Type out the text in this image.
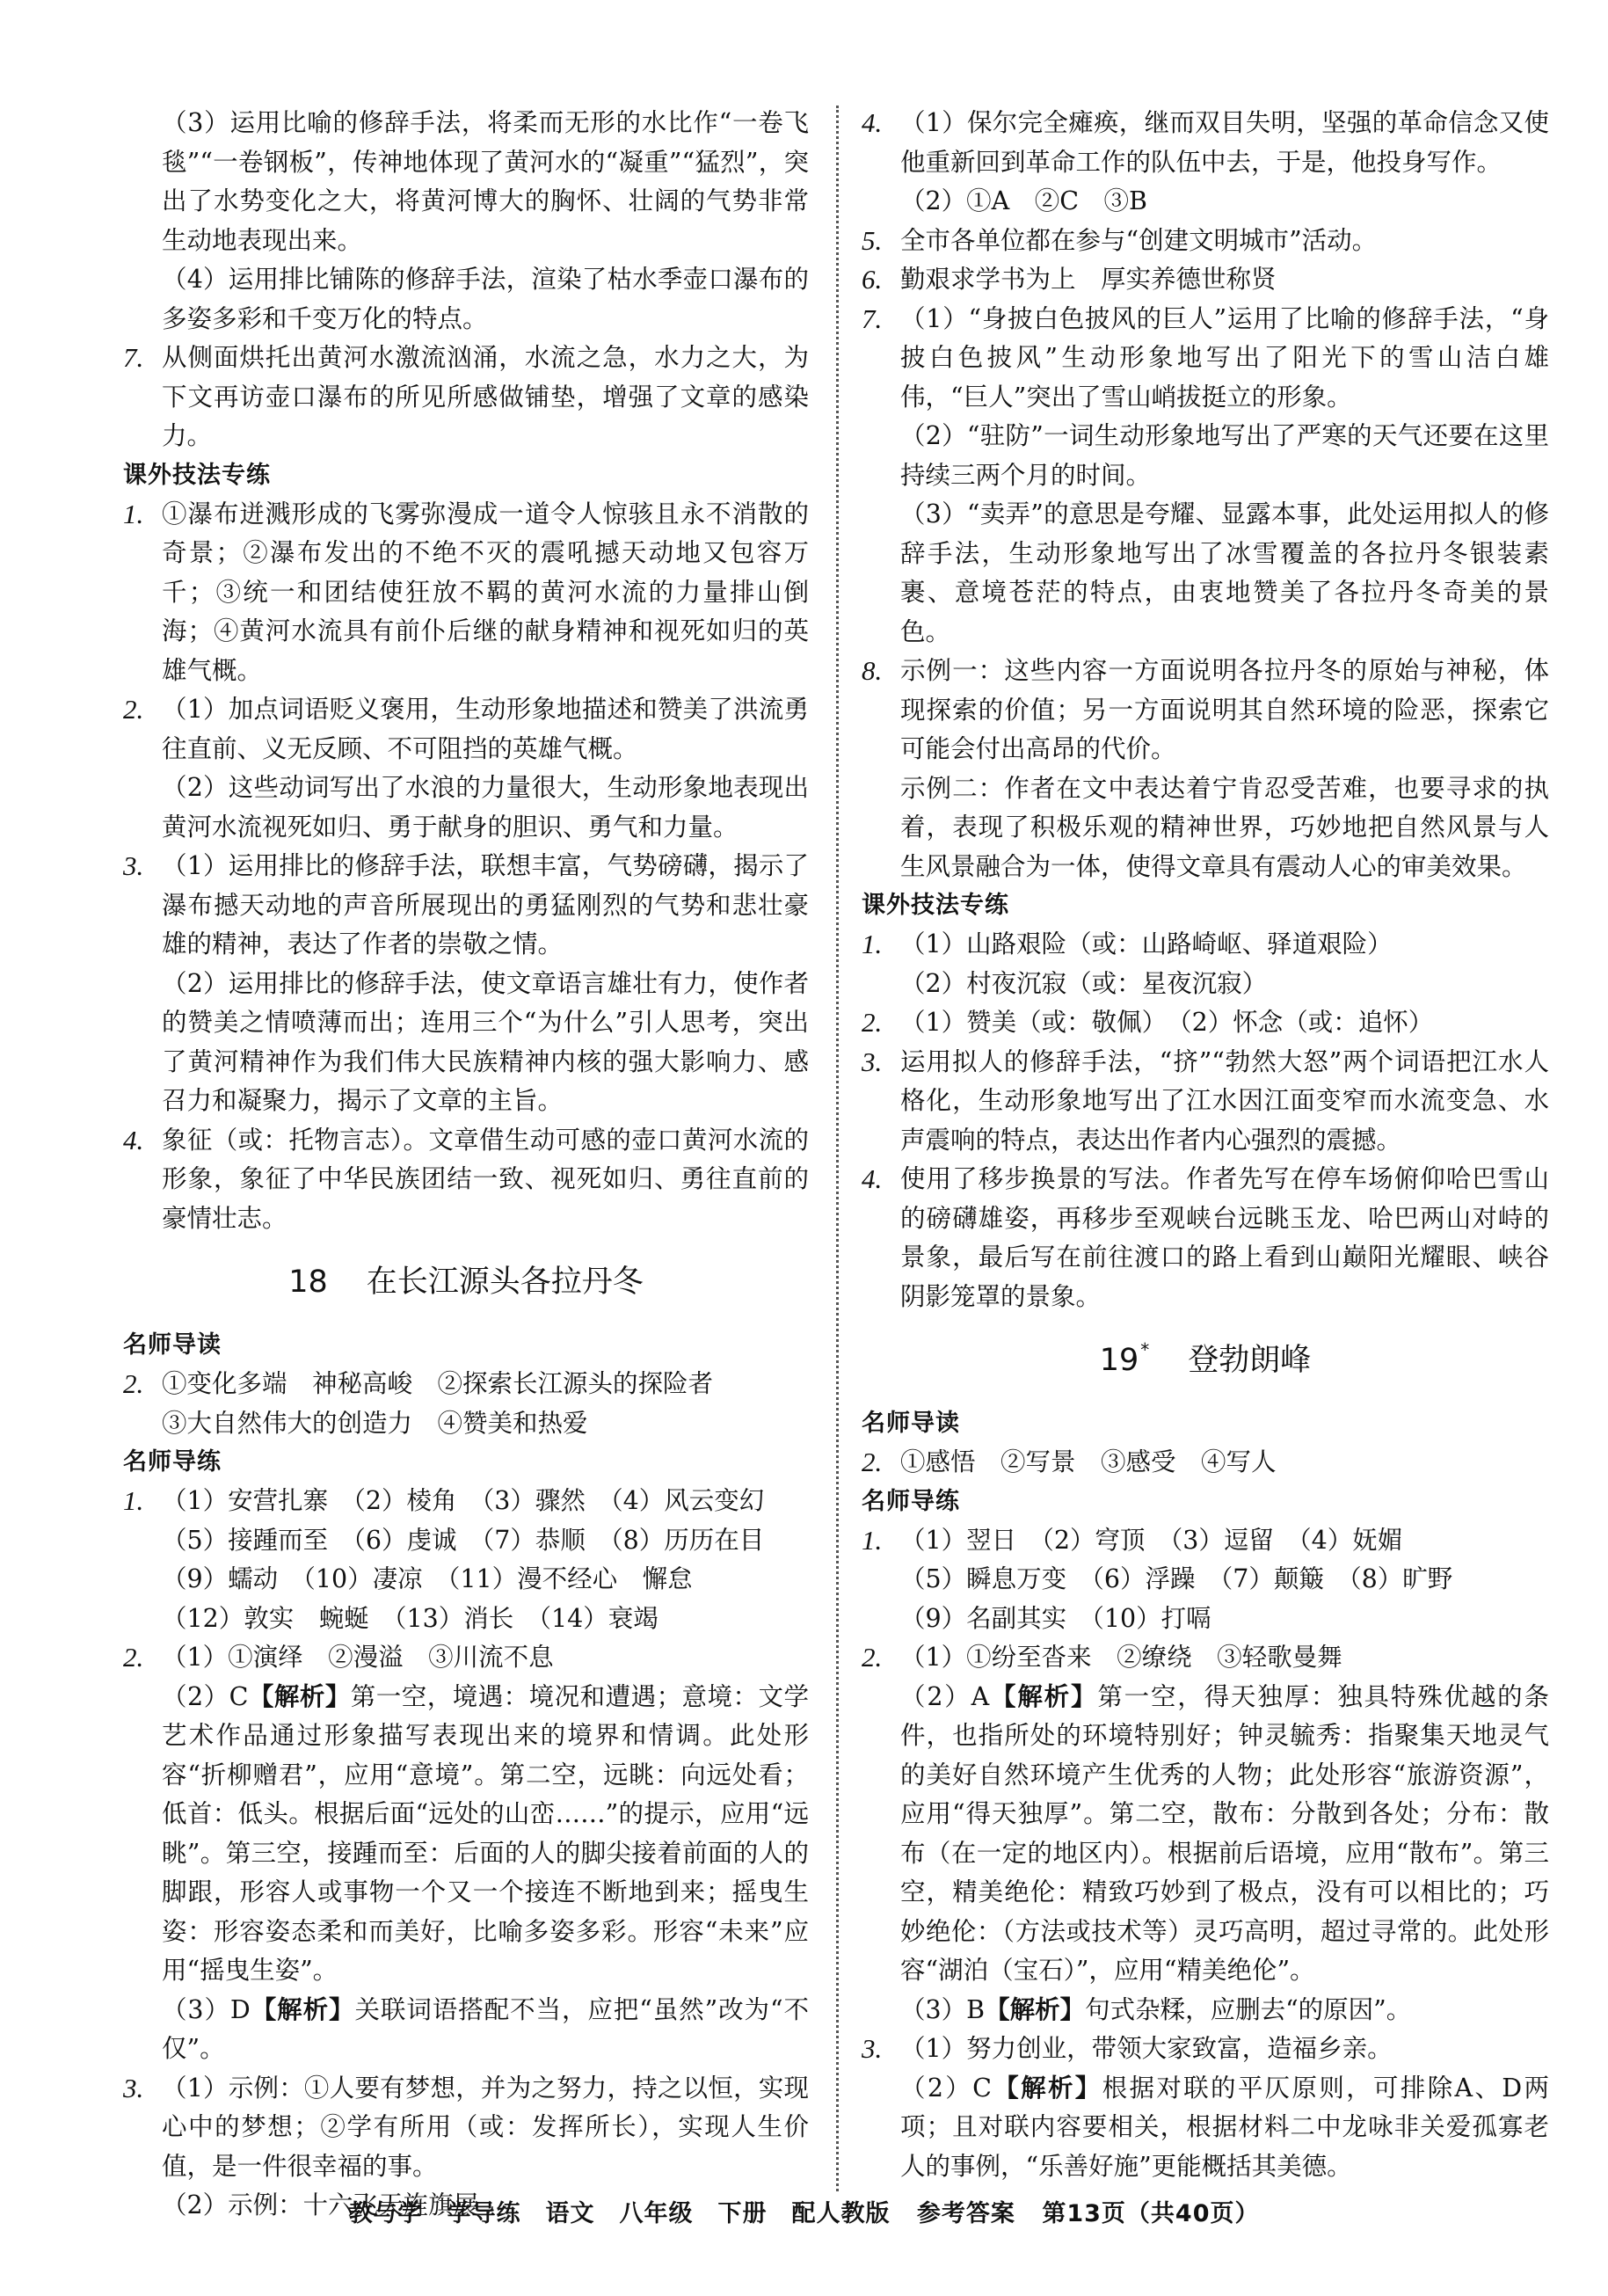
（3）运用比喻的修辞手法，将柔而无形的水比作“一卷飞毯”“一卷钢板”，传神地体现了黄河水的“凝重”“猛烈”，突出了水势变化之大，将黄河博大的胸怀、壮阔的气势非常生动地表现出来。
（4）运用排比铺陈的修辞手法，渲染了枯水季壶口瀑布的多姿多彩和千变万化的特点。
7. 从侧面烘托出黄河水激流汹涌，水流之急，水力之大，为下文再访壶口瀑布的所见所感做铺垫，增强了文章的感染力。
课外技法专练
1. ①瀑布迸溅形成的飞雾弥漫成一道令人惊骇且永不消散的奇景；②瀑布发出的不绝不灭的震吼撼天动地又包容万千；③统一和团结使狂放不羁的黄河水流的力量排山倒海；④黄河水流具有前仆后继的献身精神和视死如归的英雄气概。
2. （1）加点词语贬义褒用，生动形象地描述和赞美了洪流勇往直前、义无反顾、不可阻挡的英雄气概。
（2）这些动词写出了水浪的力量很大，生动形象地表现出黄河水流视死如归、勇于献身的胆识、勇气和力量。
3. （1）运用排比的修辞手法，联想丰富，气势磅礴，揭示了瀑布撼天动地的声音所展现出的勇猛刚烈的气势和悲壮豪雄的精神，表达了作者的崇敬之情。
（2）运用排比的修辞手法，使文章语言雄壮有力，使作者的赞美之情喷薄而出；连用三个“为什么”引人思考，突出了黄河精神作为我们伟大民族精神内核的强大影响力、感召力和凝聚力，揭示了文章的主旨。
4. 象征（或：托物言志）。文章借生动可感的壶口黄河水流的形象，象征了中华民族团结一致、视死如归、勇往直前的豪情壮志。
18 在长江源头各拉丹冬
名师导读
2. ①变化多端　神秘高峻　②探索长江源头的探险者
③大自然伟大的创造力　④赞美和热爱
名师导练
1. （1）安营扎寨　（2）棱角　（3）骤然　（4）风云变幻
（5）接踵而至　（6）虔诚　（7）恭顺　（8）历历在目
（9）蠕动　（10）凄凉　（11）漫不经心　懈怠
（12）敦实　蜿蜒　（13）消长　（14）衰竭
2. （1）①演绎　②漫溢　③川流不息
（2）C【解析】第一空，境遇：境况和遭遇；意境：文学艺术作品通过形象描写表现出来的境界和情调。此处形容“折柳赠君”，应用“意境”。第二空，远眺：向远处看；低首：低头。根据后面“远处的山峦……”的提示，应用“远眺”。第三空，接踵而至：后面的人的脚尖接着前面的人的脚跟，形容人或事物一个又一个接连不断地到来；摇曳生姿：形容姿态柔和而美好，比喻多姿多彩。形容“未来”应用“摇曳生姿”。
（3）D【解析】关联词语搭配不当，应把“虽然”改为“不仅”。
3. （1）示例：①人要有梦想，并为之努力，持之以恒，实现心中的梦想；②学有所用（或：发挥所长），实现人生价值，是一件很幸福的事。
（2）示例：十六飞天旌旗展
4. （1）保尔完全瘫痪，继而双目失明，坚强的革命信念又使他重新回到革命工作的队伍中去，于是，他投身写作。
（2）①A　②C　③B
5. 全市各单位都在参与“创建文明城市”活动。
6. 勤艰求学书为上　厚实养德世称贤
7. （1）“身披白色披风的巨人”运用了比喻的修辞手法，“身披白色披风”生动形象地写出了阳光下的雪山洁白雄伟，“巨人”突出了雪山峭拔挺立的形象。
（2）“驻防”一词生动形象地写出了严寒的天气还要在这里持续三两个月的时间。
（3）“卖弄”的意思是夸耀、显露本事，此处运用拟人的修辞手法，生动形象地写出了冰雪覆盖的各拉丹冬银装素裹、意境苍茫的特点，由衷地赞美了各拉丹冬奇美的景色。
8. 示例一：这些内容一方面说明各拉丹冬的原始与神秘，体现探索的价值；另一方面说明其自然环境的险恶，探索它可能会付出高昂的代价。
示例二：作者在文中表达着宁肯忍受苦难，也要寻求的执着，表现了积极乐观的精神世界，巧妙地把自然风景与人生风景融合为一体，使得文章具有震动人心的审美效果。
课外技法专练
1. （1）山路艰险（或：山路崎岖、驿道艰险）
（2）村夜沉寂（或：星夜沉寂）
2. （1）赞美（或：敬佩）　（2）怀念（或：追怀）
3. 运用拟人的修辞手法，“挤”“勃然大怒”两个词语把江水人格化，生动形象地写出了江水因江面变窄而水流变急、水声震响的特点，表达出作者内心强烈的震撼。
4. 使用了移步换景的写法。作者先写在停车场俯仰哈巴雪山的磅礴雄姿，再移步至观峡台远眺玉龙、哈巴两山对峙的景象，最后写在前往渡口的路上看到山巅阳光耀眼、峡谷阴影笼罩的景象。
19 * 登勃朗峰
名师导读
2. ①感悟　②写景　③感受　④写人
名师导练
1. （1）翌日　（2）穹顶　（3）逗留　（4）妩媚
（5）瞬息万变　（6）浮躁　（7）颠簸　（8）旷野
（9）名副其实　（10）打嗝
2. （1）①纷至沓来　②缭绕　③轻歌曼舞
（2）A【解析】第一空，得天独厚：独具特殊优越的条件，也指所处的环境特别好；钟灵毓秀：指聚集天地灵气的美好自然环境产生优秀的人物；此处形容“旅游资源”，应用“得天独厚”。第二空，散布：分散到各处；分布：散布（在一定的地区内）。根据前后语境，应用“散布”。第三空，精美绝伦：精致巧妙到了极点，没有可以相比的；巧妙绝伦：（方法或技术等）灵巧高明，超过寻常的。此处形容“湖泊（宝石）”，应用“精美绝伦”。
（3）B【解析】句式杂糅，应删去“的原因”。
3. （1）努力创业，带领大家致富，造福乡亲。
（2）C【解析】根据对联的平仄原则，可排除A、D两项；且对联内容要相关，根据材料二中龙咏非关爱孤寡老人的事例，“乐善好施”更能概括其美德。
教与学　学导练　语文　八年级　下册　配人教版 参考答案 第13页（共40页）
